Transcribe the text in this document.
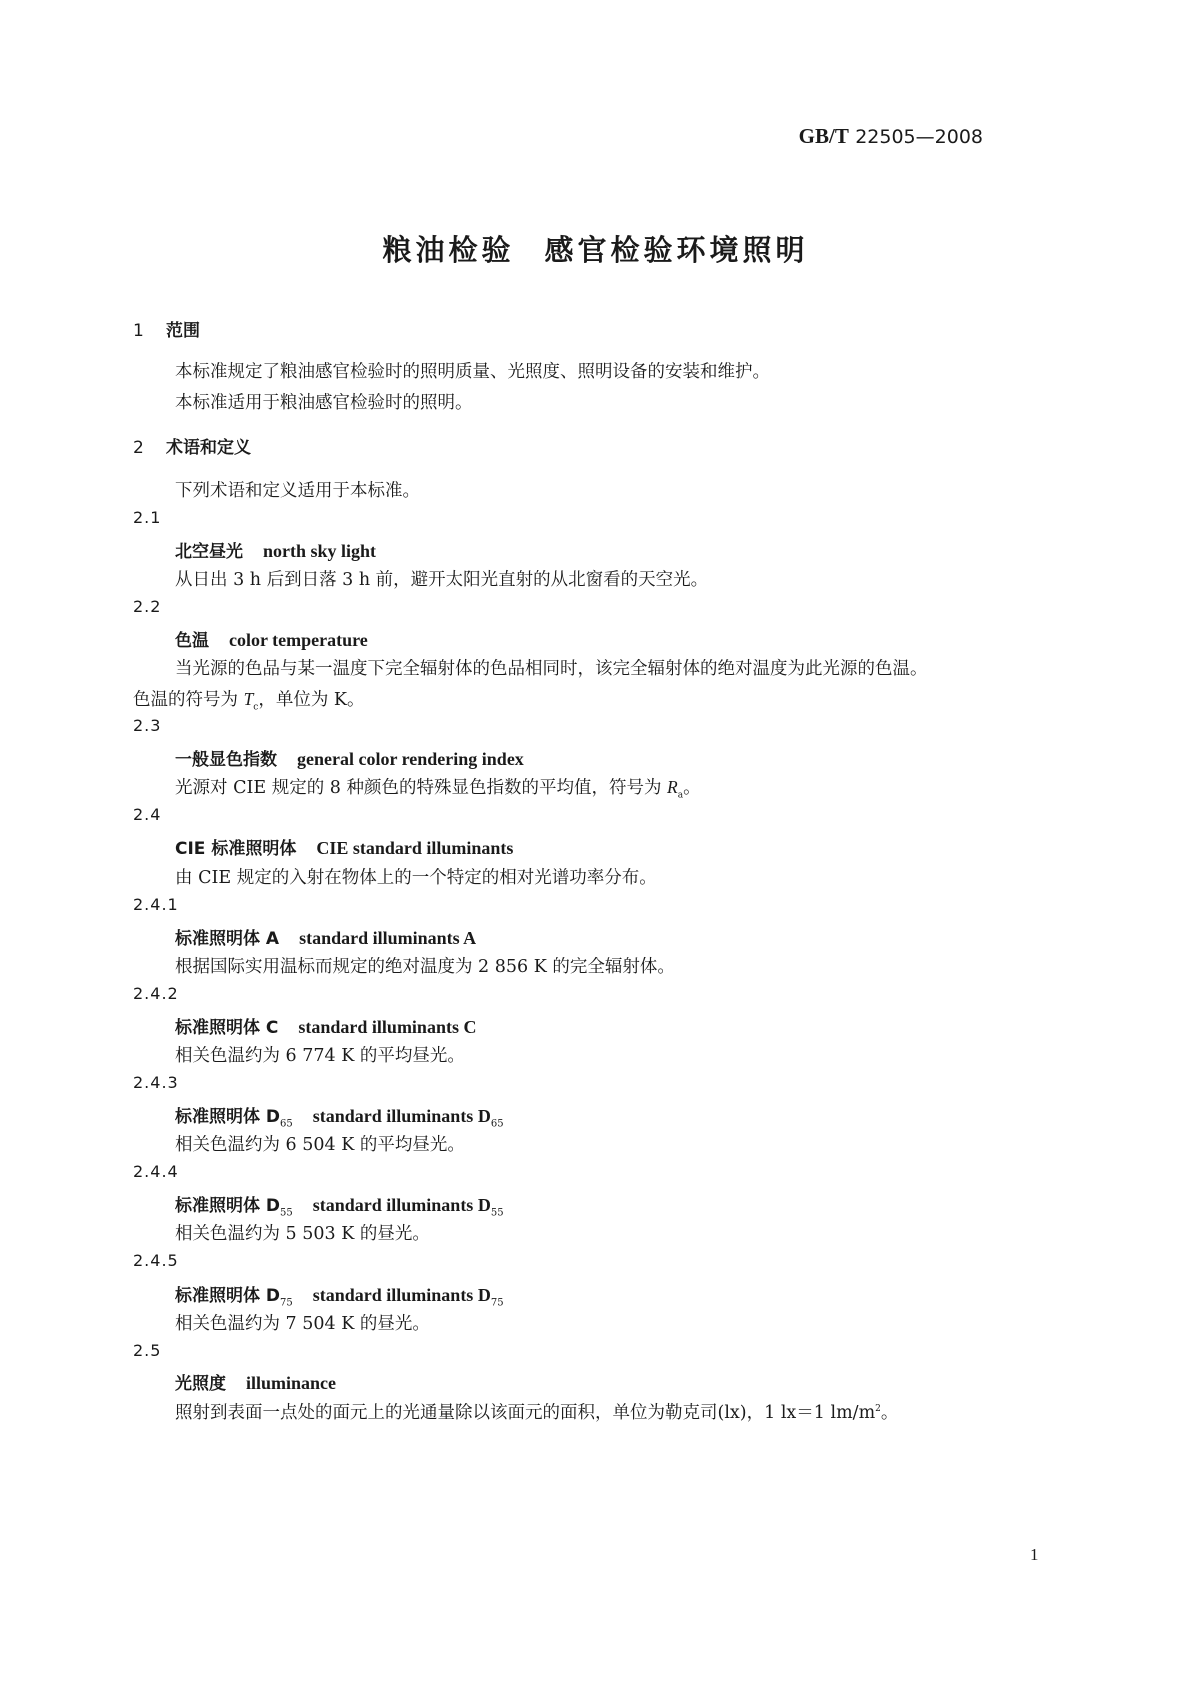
GB/T 22505—2008
粮油检验 感官检验环境照明
1 范围
本标准规定了粮油感官检验时的照明质量、光照度、照明设备的安装和维护。
本标准适用于粮油感官检验时的照明。
2 术语和定义
下列术语和定义适用于本标准。
2.1
北空昼光 north sky light
从日出 3 h 后到日落 3 h 前，避开太阳光直射的从北窗看的天空光。
2.2
色温 color temperature
当光源的色品与某一温度下完全辐射体的色品相同时，该完全辐射体的绝对温度为此光源的色温。
色温的符号为 $T_c$，单位为 K。
2.3
一般显色指数 general color rendering index
光源对 CIE 规定的 8 种颜色的特殊显色指数的平均值，符号为 $R_a$。
2.4
CIE 标准照明体 CIE standard illuminants
由 CIE 规定的入射在物体上的一个特定的相对光谱功率分布。
2.4.1
标准照明体 A standard illuminants A
根据国际实用温标而规定的绝对温度为 2 856 K 的完全辐射体。
2.4.2
标准照明体 C standard illuminants C
相关色温约为 6 774 K 的平均昼光。
2.4.3
标准照明体 $D_{65}$ standard illuminants $D_{65}$
相关色温约为 6 504 K 的平均昼光。
2.4.4
标准照明体 $D_{55}$ standard illuminants $D_{55}$
相关色温约为 5 503 K 的昼光。
2.4.5
标准照明体 $D_{75}$ standard illuminants $D_{75}$
相关色温约为 7 504 K 的昼光。
2.5
光照度 illuminance
照射到表面一点处的面元上的光通量除以该面元的面积，单位为勒克司(lx)，1 lx＝1 $lm/m^2$。
1
